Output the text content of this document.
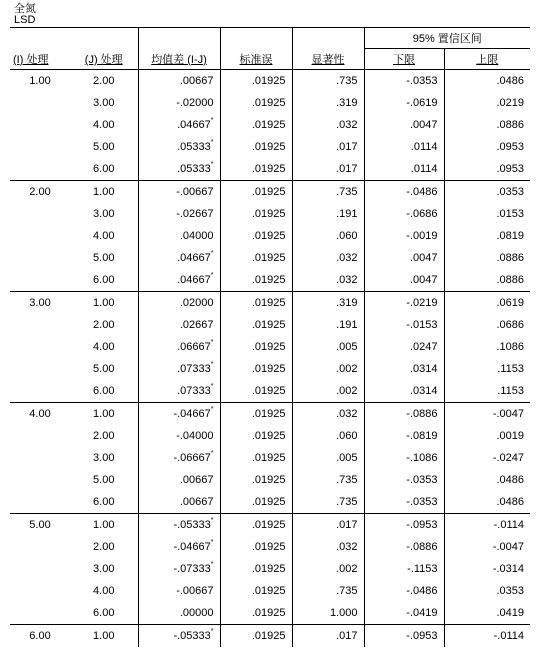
全氮
LSD
					95% 置信区间	
(I) 处理	(J) 处理	均值差 (I-J)	标准误	显著性	下限	上限
1.00	2.00	.00667	.01925	.735	-.0353	.0486
	3.00	-.02000	.01925	.319	-.0619	.0219
	4.00	.04667*	.01925	.032	.0047	.0886
	5.00	.05333*	.01925	.017	.0114	.0953
	6.00	.05333*	.01925	.017	.0114	.0953
2.00	1.00	-.00667	.01925	.735	-.0486	.0353
	3.00	-.02667	.01925	.191	-.0686	.0153
	4.00	.04000	.01925	.060	-.0019	.0819
	5.00	.04667*	.01925	.032	.0047	.0886
	6.00	.04667*	.01925	.032	.0047	.0886
3.00	1.00	.02000	.01925	.319	-.0219	.0619
	2.00	.02667	.01925	.191	-.0153	.0686
	4.00	.06667*	.01925	.005	.0247	.1086
	5.00	.07333*	.01925	.002	.0314	.1153
	6.00	.07333*	.01925	.002	.0314	.1153
4.00	1.00	-.04667*	.01925	.032	-.0886	-.0047
	2.00	-.04000	.01925	.060	-.0819	.0019
	3.00	-.06667*	.01925	.005	-.1086	-.0247
	5.00	.00667	.01925	.735	-.0353	.0486
	6.00	.00667	.01925	.735	-.0353	.0486
5.00	1.00	-.05333*	.01925	.017	-.0953	-.0114
	2.00	-.04667*	.01925	.032	-.0886	-.0047
	3.00	-.07333*	.01925	.002	-.1153	-.0314
	4.00	-.00667	.01925	.735	-.0486	.0353
	6.00	.00000	.01925	1.000	-.0419	.0419
6.00	1.00	-.05333*	.01925	.017	-.0953	-.0114
